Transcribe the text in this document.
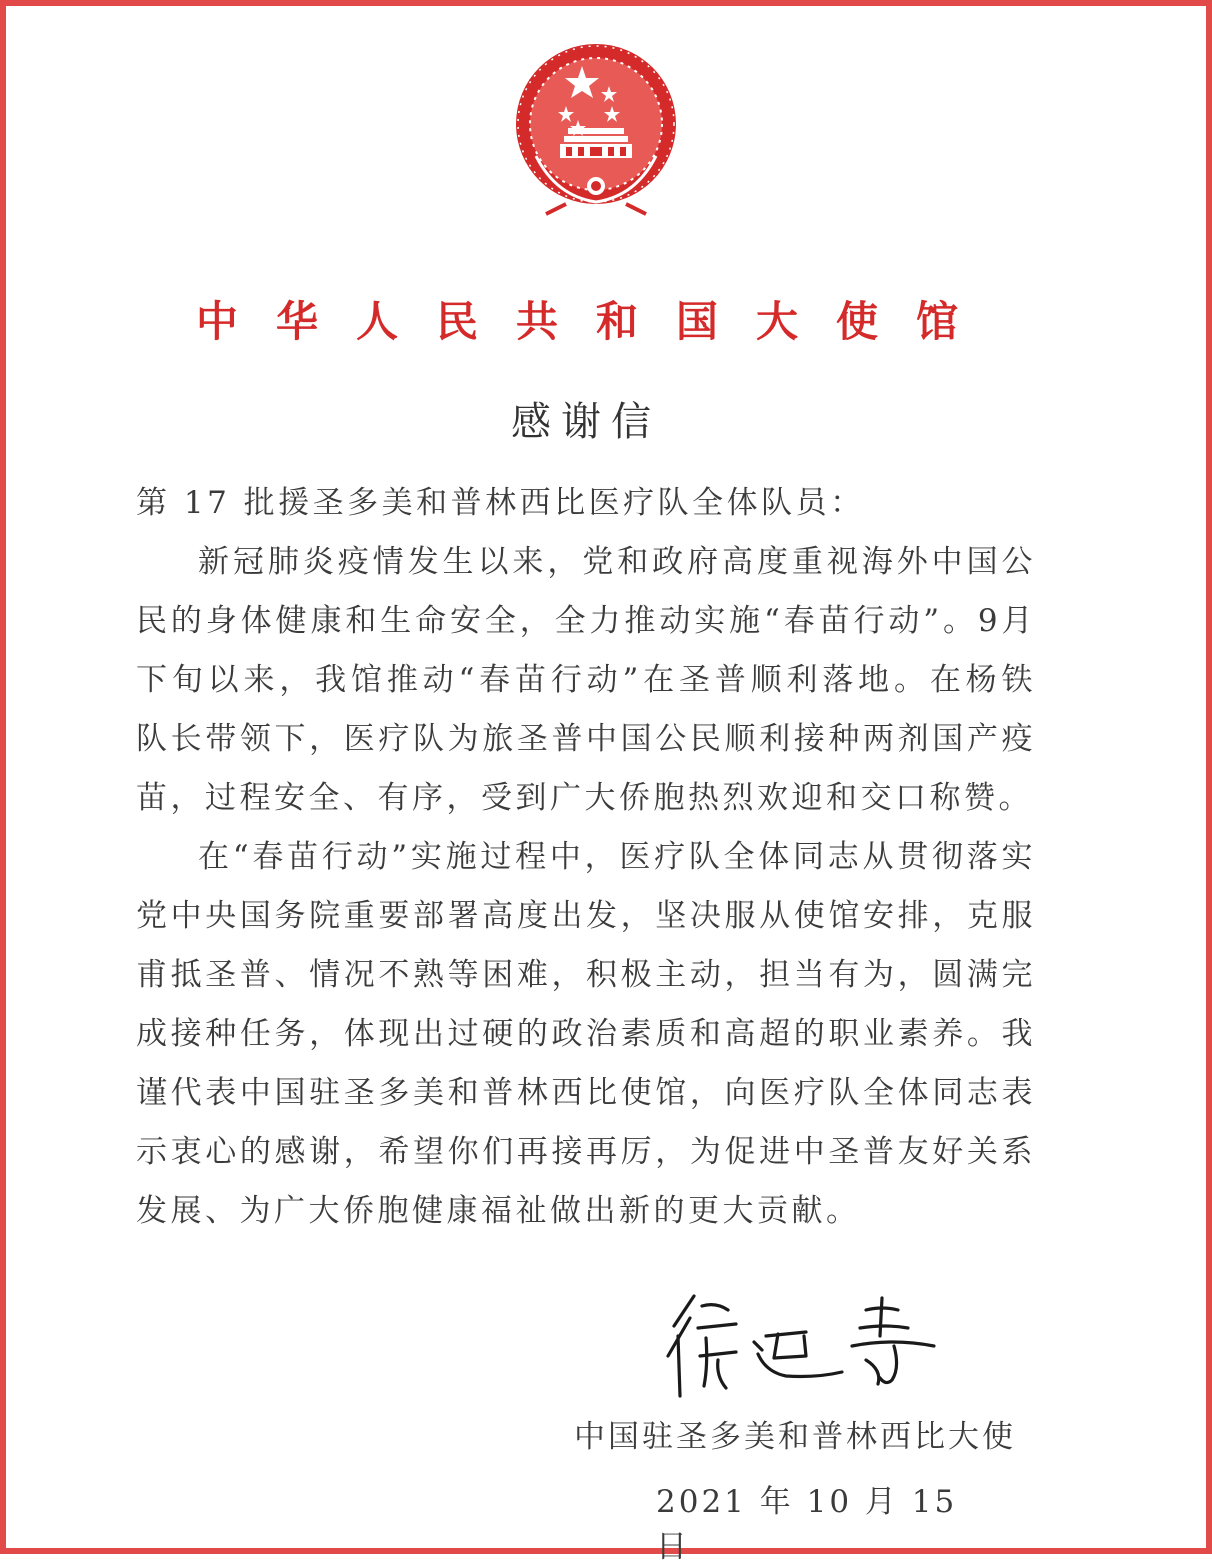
中华人民共和国大使馆
感谢信

第 17 批援圣多美和普林西比医疗队全体队员：

新冠肺炎疫情发生以来，党和政府高度重视海外中国公民的身体健康和生命安全，全力推动实施“春苗行动”。9月下旬以来，我馆推动“春苗行动”在圣普顺利落地。在杨铁队长带领下，医疗队为旅圣普中国公民顺利接种两剂国产疫苗，过程安全、有序，受到广大侨胞热烈欢迎和交口称赞。

在“春苗行动”实施过程中，医疗队全体同志从贯彻落实党中央国务院重要部署高度出发，坚决服从使馆安排，克服甫抵圣普、情况不熟等困难，积极主动，担当有为，圆满完成接种任务，体现出过硬的政治素质和高超的职业素养。我谨代表中国驻圣多美和普林西比使馆，向医疗队全体同志表示衷心的感谢，希望你们再接再厉，为促进中圣普友好关系发展、为广大侨胞健康福祉做出新的更大贡献。

中国驻圣多美和普林西比大使
2021 年 10 月 15 日
